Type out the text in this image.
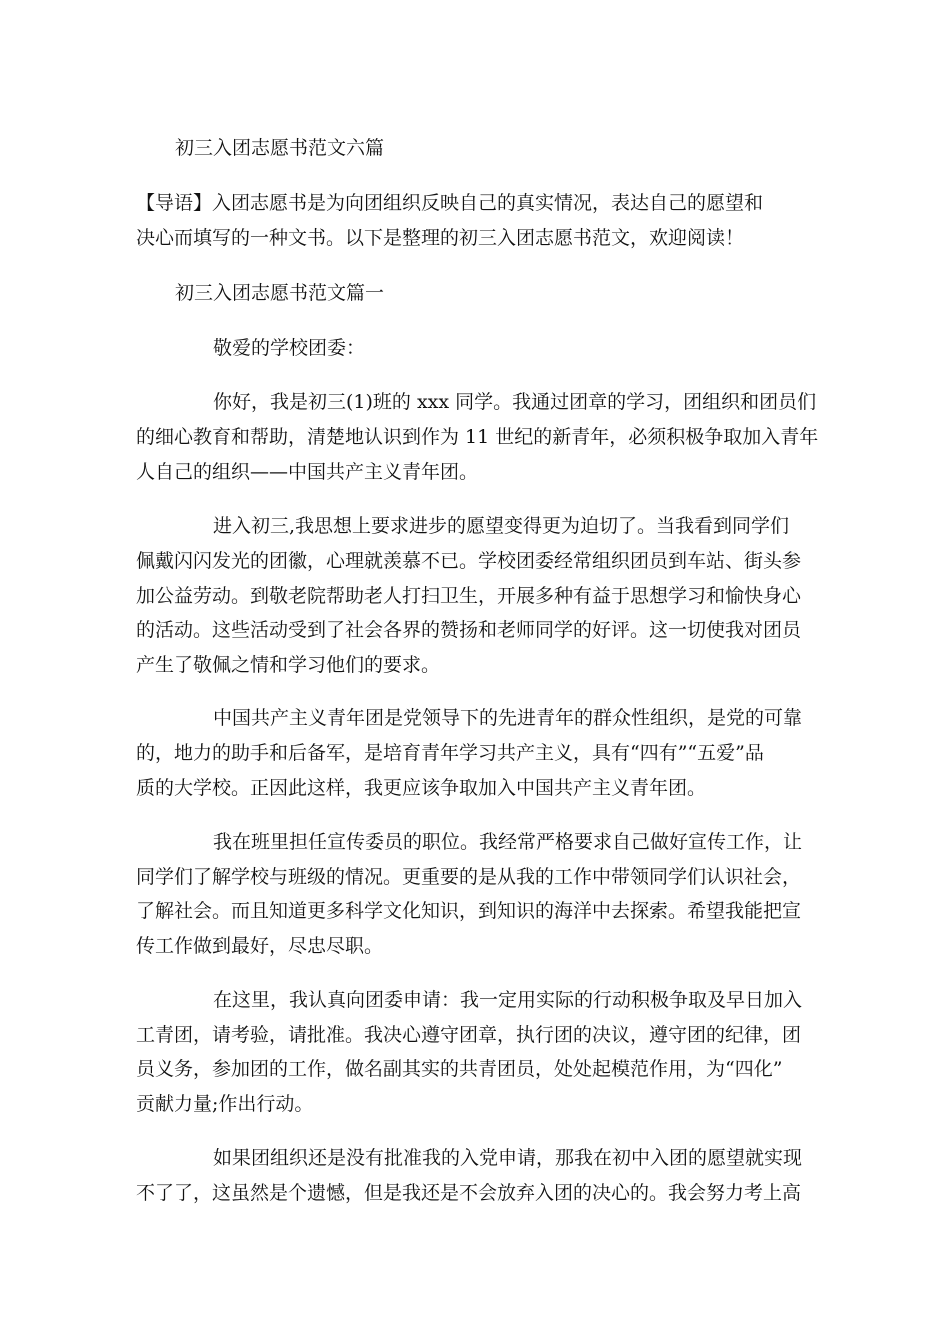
初三入团志愿书范文六篇
【导语】入团志愿书是为向团组织反映自己的真实情况，表达自己的愿望和
决心而填写的一种文书。以下是整理的初三入团志愿书范文，欢迎阅读！
初三入团志愿书范文篇一
敬爱的学校团委：
你好，我是初三(1)班的 xxx 同学。我通过团章的学习，团组织和团员们
的细心教育和帮助，清楚地认识到作为 11 世纪的新青年，必须积极争取加入青年
人自己的组织——中国共产主义青年团。
进入初三,我思想上要求进步的愿望变得更为迫切了。当我看到同学们
佩戴闪闪发光的团徽，心理就羡慕不已。学校团委经常组织团员到车站、街头参
加公益劳动。到敬老院帮助老人打扫卫生，开展多种有益于思想学习和愉快身心
的活动。这些活动受到了社会各界的赞扬和老师同学的好评。这一切使我对团员
产生了敬佩之情和学习他们的要求。
中国共产主义青年团是党领导下的先进青年的群众性组织，是党的可靠
的，地力的助手和后备军，是培育青年学习共产主义，具有“四有”“五爱”品
质的大学校。正因此这样，我更应该争取加入中国共产主义青年团。
我在班里担任宣传委员的职位。我经常严格要求自己做好宣传工作，让
同学们了解学校与班级的情况。更重要的是从我的工作中带领同学们认识社会，
了解社会。而且知道更多科学文化知识，到知识的海洋中去探索。希望我能把宣
传工作做到最好，尽忠尽职。
在这里，我认真向团委申请：我一定用实际的行动积极争取及早日加入
工青团，请考验，请批准。我决心遵守团章，执行团的决议，遵守团的纪律，团
员义务，参加团的工作，做名副其实的共青团员，处处起模范作用，为“四化”
贡献力量;作出行动。
如果团组织还是没有批准我的入党申请，那我在初中入团的愿望就实现
不了了，这虽然是个遗憾，但是我还是不会放弃入团的决心的。我会努力考上高
